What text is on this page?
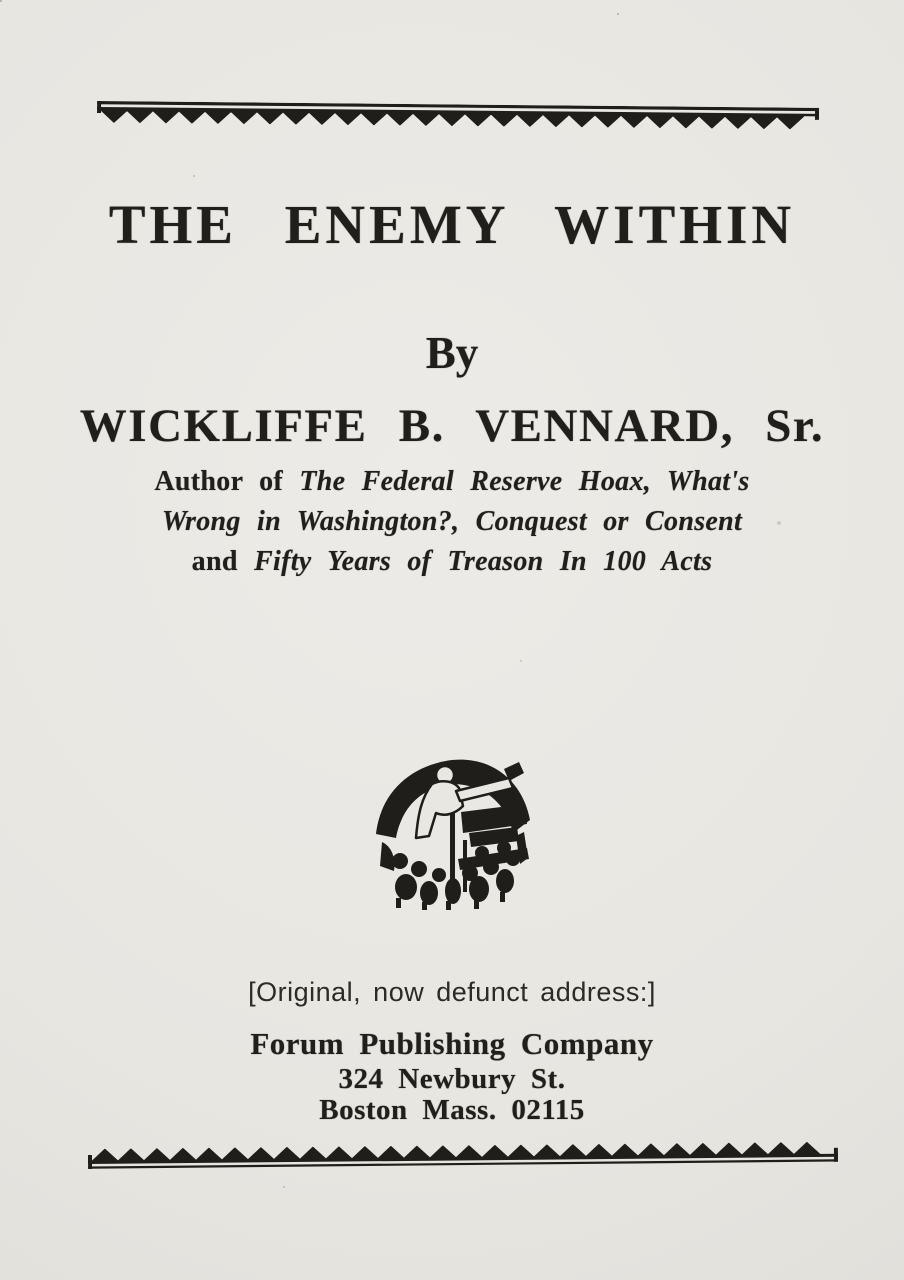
THE ENEMY WITHIN
By
WICKLIFFE B. VENNARD, Sr.

Author of The Federal Reserve Hoax, What's
Wrong in Washington?, Conquest or Consent
and Fifty Years of Treason In 100 Acts

[Original, now defunct address:]
Forum Publishing Company
324 Newbury St.
Boston Mass. 02115
